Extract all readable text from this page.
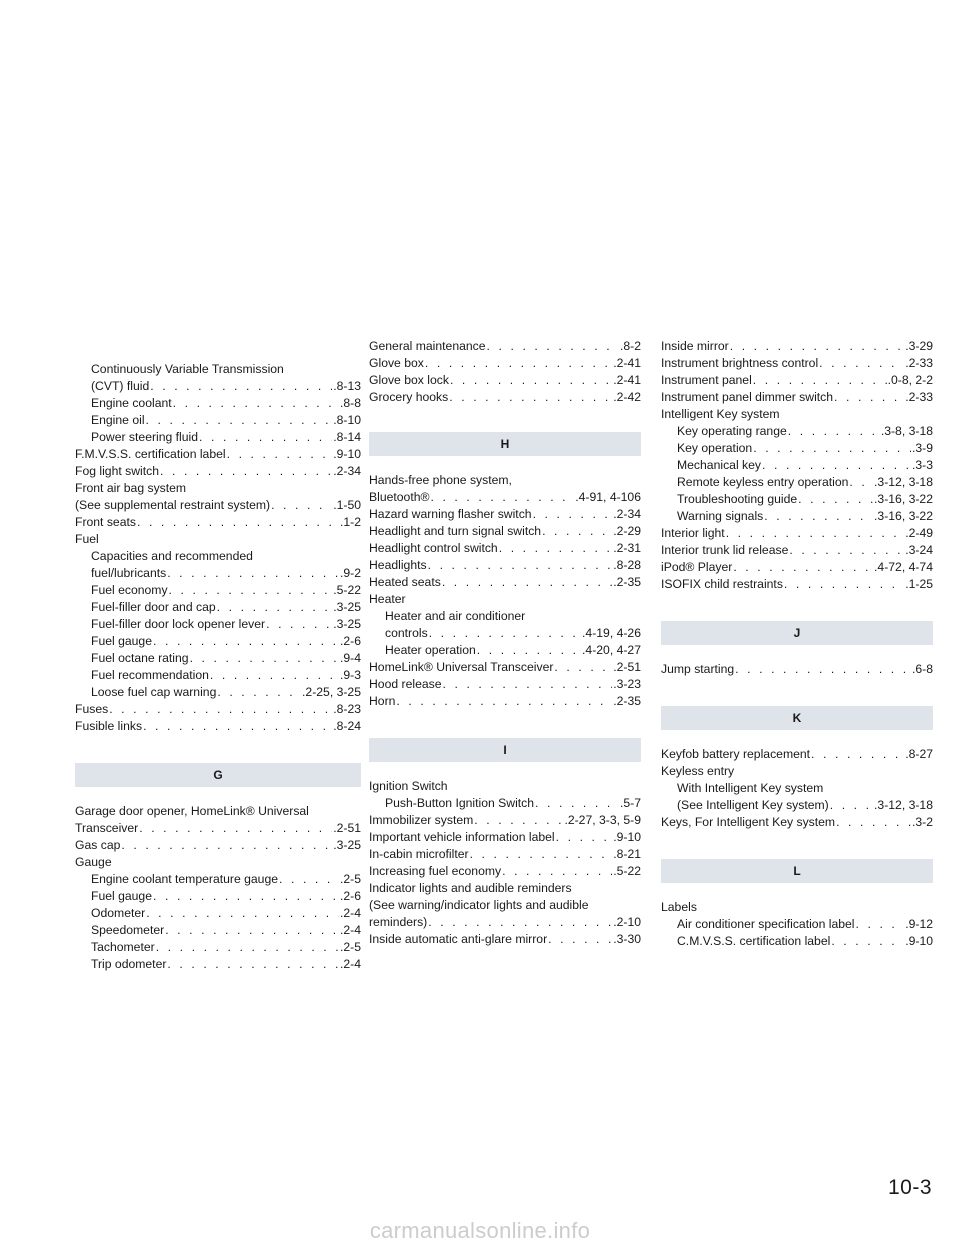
Continuously Variable Transmission
(CVT) fluid . . .	.8-13
Engine coolant . . .	.8-8
Engine oil . . .	.8-10
Power steering fluid . . .	.8-14
F.M.V.S.S. certification label . . .	.9-10
Fog light switch . . .	.2-34
Front air bag system
(See supplemental restraint system) . . .	.1-50
Front seats . . .	.1-2
Fuel
Capacities and recommended
fuel/lubricants . . .	.9-2
Fuel economy . . .	.5-22
Fuel-filler door and cap . . .	.3-25
Fuel-filler door lock opener lever . . .	.3-25
Fuel gauge . . .	.2-6
Fuel octane rating . . .	.9-4
Fuel recommendation . . .	.9-3
Loose fuel cap warning . . .	.2-25, 3-25
Fuses . . .	.8-23
Fusible links . . .	.8-24
G
Garage door opener, HomeLink® Universal
Transceiver . . .	.2-51
Gas cap . . .	.3-25
Gauge
Engine coolant temperature gauge . . .	.2-5
Fuel gauge . . .	.2-6
Odometer . . .	.2-4
Speedometer . . .	.2-4
Tachometer . . .	.2-5
Trip odometer . . .	.2-4
General maintenance . . .	.8-2
Glove box . . .	.2-41
Glove box lock . . .	.2-41
Grocery hooks . . .	.2-42
H
Hands-free phone system,
Bluetooth® . . .	.4-91, 4-106
Hazard warning flasher switch . . .	.2-34
Headlight and turn signal switch . . .	.2-29
Headlight control switch . . .	.2-31
Headlights . . .	.8-28
Heated seats . . .	.2-35
Heater
Heater and air conditioner
controls . . .	.4-19, 4-26
Heater operation . . .	.4-20, 4-27
HomeLink® Universal Transceiver . . .	.2-51
Hood release . . .	.3-23
Horn . . .	.2-35
I
Ignition Switch
Push-Button Ignition Switch . . .	.5-7
Immobilizer system . . .	.2-27, 3-3, 5-9
Important vehicle information label . . .	.9-10
In-cabin microfilter . . .	.8-21
Increasing fuel economy . . .	.5-22
Indicator lights and audible reminders
(See warning/indicator lights and audible
reminders) . . .	.2-10
Inside automatic anti-glare mirror . . .	.3-30
Inside mirror . . .	.3-29
Instrument brightness control . . .	.2-33
Instrument panel . . .	.0-8, 2-2
Instrument panel dimmer switch . . .	.2-33
Intelligent Key system
Key operating range . . .	.3-8, 3-18
Key operation . . .	.3-9
Mechanical key . . .	.3-3
Remote keyless entry operation . . . .3-12, 3-18
Troubleshooting guide . . .	.3-16, 3-22
Warning signals . . .	.3-16, 3-22
Interior light . . .	.2-49
Interior trunk lid release . . .	.3-24
iPod® Player . . .	.4-72, 4-74
ISOFIX child restraints . . .	.1-25
J
Jump starting . . .	.6-8
K
Keyfob battery replacement . . .	.8-27
Keyless entry
With Intelligent Key system
(See Intelligent Key system) . . .	.3-12, 3-18
Keys, For Intelligent Key system . . .	.3-2
L
Labels
Air conditioner specification label . . .	.9-12
C.M.V.S.S. certification label . . .	.9-10
10-3
carmanualsonline.info
